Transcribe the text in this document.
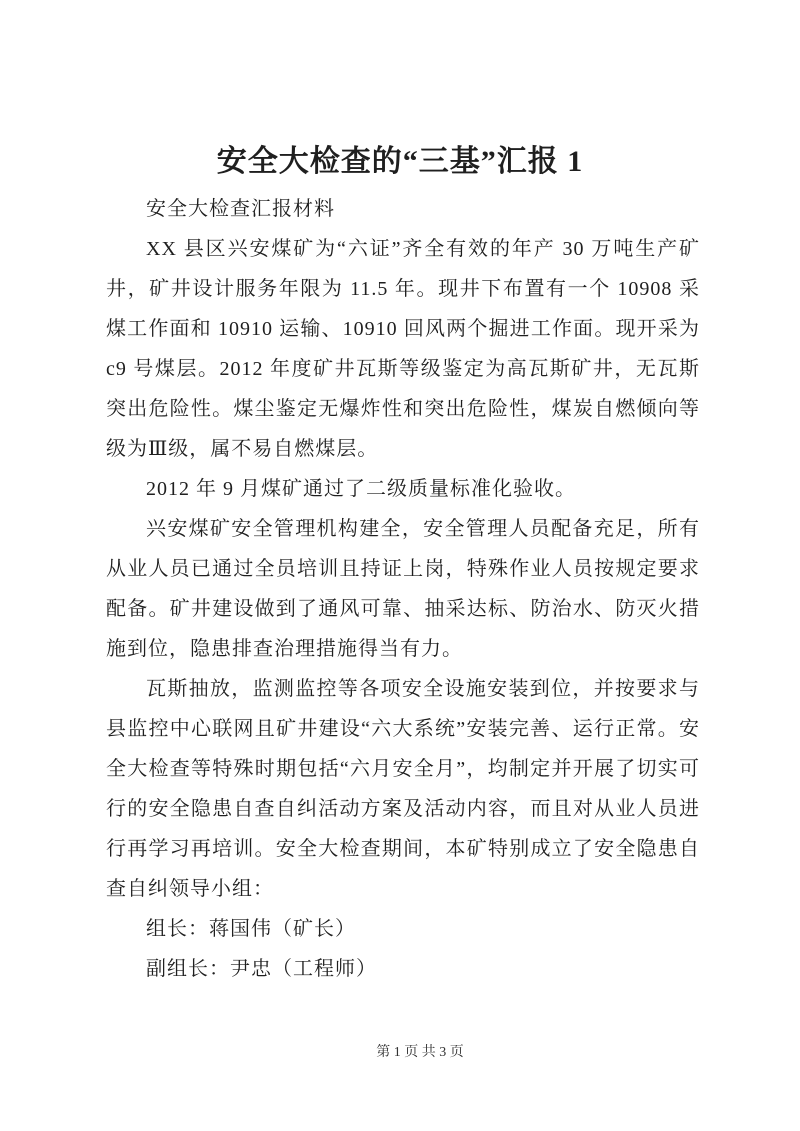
安全大检查的“三基”汇报 1

安全大检查汇报材料

XX 县区兴安煤矿为“六证”齐全有效的年产 30 万吨生产矿井，矿井设计服务年限为 11.5 年。现井下布置有一个 10908 采煤工作面和 10910 运输、10910 回风两个掘进工作面。现开采为 c9 号煤层。2012 年度矿井瓦斯等级鉴定为高瓦斯矿井，无瓦斯突出危险性。煤尘鉴定无爆炸性和突出危险性，煤炭自燃倾向等级为Ⅲ级，属不易自燃煤层。

2012 年 9 月煤矿通过了二级质量标准化验收。

兴安煤矿安全管理机构建全，安全管理人员配备充足，所有从业人员已通过全员培训且持证上岗，特殊作业人员按规定要求配备。矿井建设做到了通风可靠、抽采达标、防治水、防灭火措施到位，隐患排查治理措施得当有力。

瓦斯抽放，监测监控等各项安全设施安装到位，并按要求与县监控中心联网且矿井建设“六大系统”安装完善、运行正常。安全大检查等特殊时期包括“六月安全月”，均制定并开展了切实可行的安全隐患自查自纠活动方案及活动内容，而且对从业人员进行再学习再培训。安全大检查期间，本矿特别成立了安全隐患自查自纠领导小组：

组长：蒋国伟（矿长）

副组长：尹忠（工程师）

第 1 页 共 3 页
